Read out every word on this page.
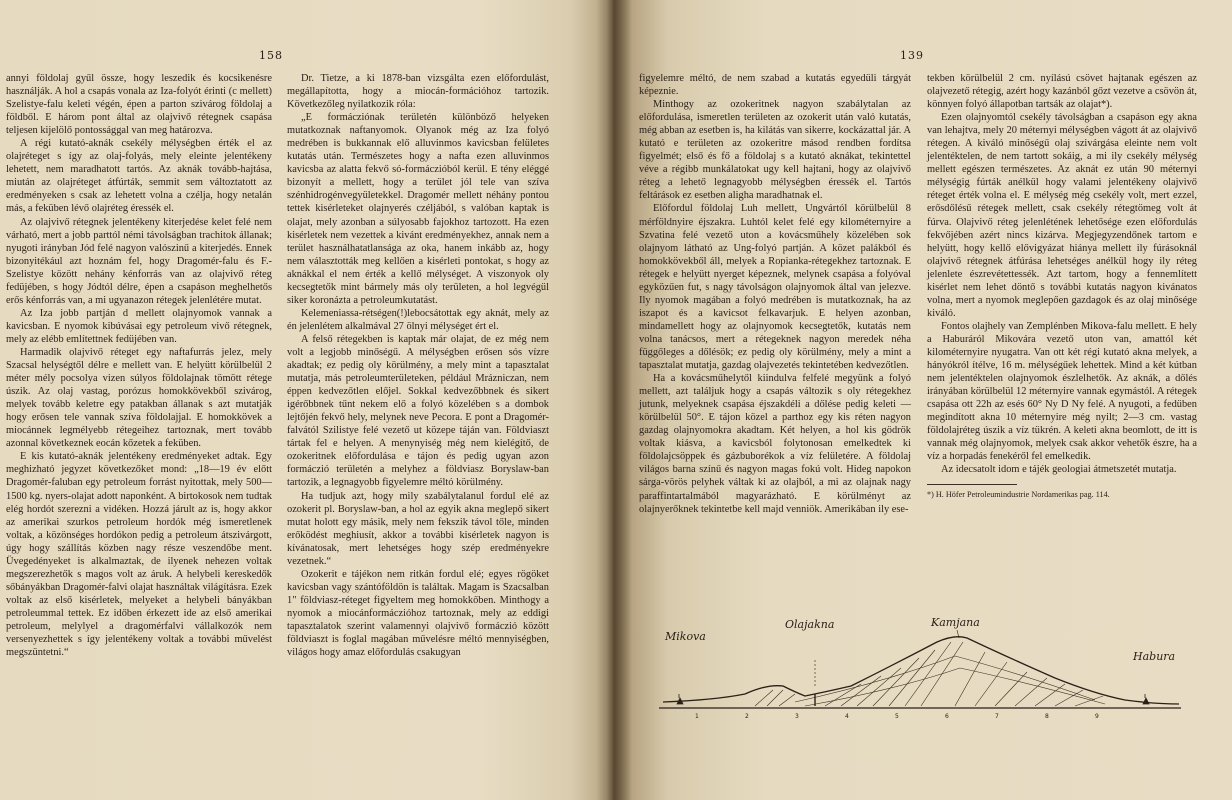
158

annyi földolaj gyűl össze, hogy leszedik és kocsikenésre használják. A hol a csapás vonala az Iza-folyót érinti (c mellett) Szelistye-falu keleti végén, épen a parton szivárog földolaj a földből. E három pont által az olajvivő rétegnek csapása teljesen kijelölő pontossággal van meg határozva.

A régi kutató-aknák csekély mélységben érték el az olajréteget s így az olaj-folyás, mely eleinte jelentékeny lehetett, nem maradhatott tartós. Az aknák tovább-hajtása, miután az olajréteget átfúrták, semmit sem változtatott az eredményeken s csak az lehetett volna a czélja, hogy netalán más, a feküben lévő olajréteg éressék el.

Az olajvivő rétegnek jelentékeny kiterjedése kelet felé nem várható, mert a jobb parttól némi távolságban trachitok állanak; nyugoti irányban Jód felé nagyon valószinű a kiterjedés. Ennek bizonyitékául azt hoznám fel, hogy Dragomér-falu és F.-Szelistye között nehány kénforrás van az olajvivő réteg fedüjében, s hogy Jódtól délre, épen a csapáson meghelhetős erős kénforrás van, a mi ugyanazon rétegek jelenlétére mutat.

Az Iza jobb partján d mellett olajnyomok vannak a kavicsban. E nyomok kibúvásai egy petroleum vivő rétegnek, mely az elébb említettnek fedüjében van.

Harmadik olajvivő réteget egy naftafurrás jelez, mely Szacsal helységtől délre e mellett van. E helyütt körülbelül 2 méter mély pocsolya vizen súlyos földolajnak tömött rétege úszik. Az olaj vastag, porózus homokkövekből szivárog, melyek tovább keletre egy patakban állanak s azt mutatják hogy erősen tele vannak szíva földolajjal. E homokkövek a miocánnek legmélyebb rétegeihez tartoznak, mert tovább azonnal következnek eocán kőzetek a feküben.

E kis kutató-aknák jelentékeny eredményeket adtak. Egy meghizható jegyzet következőket mond: „18—19 év előtt Dragomér-faluban egy petroleum forrást nyitottak, mely 500—1500 kg. nyers-olajat adott naponként. A birtokosok nem tudtak elég hordót szerezni a vidéken. Hozzá járult az is, hogy akkor az amerikai szurkos petroleum hordók még ismeretlenek voltak, a közönséges hordókon pedig a petroleum átszivárgott, úgy hogy szállítás közben nagy része veszendőbe ment. Üvegedényeket is alkalmaztak, de ilyenek nehezen voltak megszerezhetők s magos volt az áruk. A helybeli kereskedők sőbányákban Dragomér-falvi olajat használtak világításra. Ezek voltak az első kisérletek, melyeket a helybeli bányákban petroleummal tettek. Ez időben érkezett ide az első amerikai petroleum, melylyel a dragomérfalvi vállalkozók nem versenyezhettek s így jelentékeny voltak a további művelést megszüntetni.“

Dr. Tietze, a ki 1878-ban vizsgálta ezen előfordulást, megállapította, hogy a miocán-formációhoz tartozik. Következőleg nyilatkozik róla:

„E formácziónak területén különböző helyeken mutatkoznak naftanyomok. Olyanok még az Iza folyó medrében is bukkannak elő alluvinmos kavicsban felületes kutatás után. Természetes hogy a nafta ezen alluvinmos kavicsba az alatta fekvő só-formáczióból kerül. E tény eléggé bizonyít a mellett, hogy a terület jól tele van szíva szénhidrogénvegyületekkel. Dragomér mellett néhány pontou tettek kisérleteket olajnyerés czéljából, s valóban kaptak is olajat, mely azonban a súlyosabb fajokhoz tartozott. Ha ezen kisérletek nem vezettek a kivánt eredményekhez, annak nem a terület használhatatlansága az oka, hanem inkább az, hogy nem választották meg kellően a kisérleti pontokat, s hogy az aknákkal el nem érték a kellő mélységet. A viszonyok oly kecsegtetők mint bármely más oly területen, a hol legvégül siker koronázta a petroleumkutatást.

Kelemeniassa-rétségen(!)lebocsátottak egy aknát, mely az én jelenlétem alkalmával 27 ölnyi mélységet ért el.

A felső rétegekben is kaptak már olajat, de ez még nem volt a legjobb minőségű. A mélységben erősen sós vízre akadtak; ez pedig oly körülmény, a mely mint a tapasztalat mutatja, más petroleumterületeken, például Mrázniczan, nem éppen kedvezőtlen előjel. Sokkal kedvezőbbnek és sikert igérőbbnek tűnt nekem elő a folyó közelében s a dombok lejtőjén fekvő hely, melynek neve Pecora. E pont a Dragomér-falvától Szilistye felé vezető ut közepe táján van. Földviaszt tártak fel e helyen. A menynyiség még nem kielégítő, de ozokeritnek előfordulása e tájon és pedig ugyan azon formáczió területén a melyhez a földviasz Boryslaw-ban tartozik, a legnagyobb figyelemre méltó körülmény.

Ha tudjuk azt, hogy mily szabálytalanul fordul elé az ozokerit pl. Boryslaw-ban, a hol az egyik akna meglepő sikert mutat holott egy másik, mely nem fekszik távol tőle, minden erőködést meghiusít, akkor a további kisérletek nagyon is kívánatosak, mert lehetséges hogy szép eredményekre vezetnek.“

Ozokerit e tájékon nem ritkán fordul elé; egyes rögöket kavicsban vagy szántóföldön is találtak. Magam is Szacsalban 1" földviasz-réteget figyeltem meg homokkőben. Minthogy a nyomok a miocánformáczióhoz tartoznak, mely az eddigi tapasztalatok szerint valamennyi olajvivő formáczió között földviaszt is foglal magában művelésre méltó mennyiségben, világos hogy amaz előfordulás csakugyan

139

figyelemre méltó, de nem szabad a kutatás egyedüli tárgyát képeznie.

Minthogy az ozokeritnek nagyon szabálytalan az előfordulása, ismeretlen területen az ozokerit után való kutatás, még abban az esetben is, ha kilátás van sikerre, kockázattal jár. A kutató e területen az ozokeritre másod rendben fordítsa figyelmét; első és fő a földolaj s a kutató aknákat, tekintettel véve a régibb munkálatokat ugy kell hajtani, hogy az olajvivő réteg a lehető legnagyobb mélységben éressék el. Tartós feltárások ez esetben aligha maradhatnak el.

Előfordul földolaj Luh mellett, Ungvártól körülbelül 8 mérföldnyire éjszakra. Luhtól kelet felé egy kilométernyire a Szvatina felé vezető uton a kovácsműhely közelében sok olajnyom látható az Ung-folyó partján. A közet palákból és homokkövekből áll, melyek a Ropianka-rétegekhez tartoznak. E rétegek e helyütt nyerget képeznek, melynek csapása a folyóval egyközűen fut, s nagy távolságon olajnyomok által van jelezve. Ily nyomok magában a folyó medrében is mutatkoznak, ha az iszapot és a kavicsot felkavarjuk. E helyen azonban, mindamellett hogy az olajnyomok kecsegtetők, kutatás nem volna tanácsos, mert a rétegeknek nagyon meredek néha függőleges a dőlésök; ez pedig oly körülmény, mely a mint a tapasztalat mutatja, gazdag olajvezetés tekintetében kedvezőtlen.

Ha a kovácsműhelytől kiindulva felfelé megyünk a folyó mellett, azt találjuk hogy a csapás változik s oly rétegekhez jutunk, melyeknek csapása éjszakdéli a dőlése pedig keleti — körülbelül 50°. E tájon közel a parthoz egy kis réten nagyon gazdag olajnyomokra akadtam. Két helyen, a hol kis gödrök voltak kiásva, a kavicsból folytonosan emelkedtek ki földolajcsöppek és gázbuborékok a víz felületére. A földolaj világos barna színű és nagyon magas fokú volt. Hideg napokon sárga-vörös pelyhek váltak ki az olajból, a mi az olajnak nagy paraffintartalmából magyarázható. E körülményt az olajnyerőknek tekintetbe kell majd venniök. Amerikában ily ese-

tekben körülbelül 2 cm. nyílású csövet hajtanak egészen az olajvezető rétegig, azért hogy kazánból gőzt vezetve a csövön át, könnyen folyó állapotban tartsák az olajat*).

Ezen olajnyomtól csekély távolságban a csapáson egy akna van lehajtva, mely 20 méternyi mélységben vágott át az olajvivő rétegen. A kiváló minőségű olaj szivárgása eleinte nem volt jelentéktelen, de nem tartott sokáig, a mi ily csekély mélység mellett egészen természetes. Az aknát ez után 90 méternyi mélységig fúrták anélkül hogy valami jelentékeny olajvivő réteget érték volna el. E mélység még csekély volt, mert ezzel, erősdőlésű rétegek mellett, csak csekély rétegtömeg volt át fúrva. Olajvivő réteg jelenlétének lehetősége ezen előfordulás fekvőjében azért nincs kizárva. Megjegyzendőnek tartom e helyütt, hogy kellő elővigyázat hiánya mellett ily fúrásoknál olajvivő rétegnek átfúrása lehetséges anélkül hogy ily réteg jelenlete észrevétettessék. Azt tartom, hogy a fennemlített kisérlet nem lehet döntő s további kutatás nagyon kivánatos volna, mert a nyomok meglepően gazdagok és az olaj minősége kiváló.

Fontos olajhely van Zemplénben Mikova-falu mellett. E hely a Haburáról Mikovára vezető uton van, amattól két kilométernyire nyugatra. Van ott két régi kutató akna melyek, a hányókról ítélve, 16 m. mélységűek lehettek. Mind a két kútban nem jelentéktelen olajnyomok észlelhetők. Az aknák, a dőlés irányában körülbelül 12 méternyire vannak egymástól. A rétegek csapása ott 22h az esés 60° Ny D Ny felé. A nyugoti, a fedüben megindított akna 10 méternyire még nyilt; 2—3 cm. vastag földolajréteg úszik a víz tükrén. A keleti akna beomlott, de itt is vannak még olajnyomok, melyek csak akkor vehetők észre, ha a víz a horpadás fenekéről fel emelkedik.

Az idecsatolt idom e tájék geologiai átmetszetét mutatja.

*) H. Höfer Petroleumindustrie Nordamerikas pag. 114.

Mikova
Olajakna	Kamjana
Habura
1	2	3	4	5	6	7	8	9
